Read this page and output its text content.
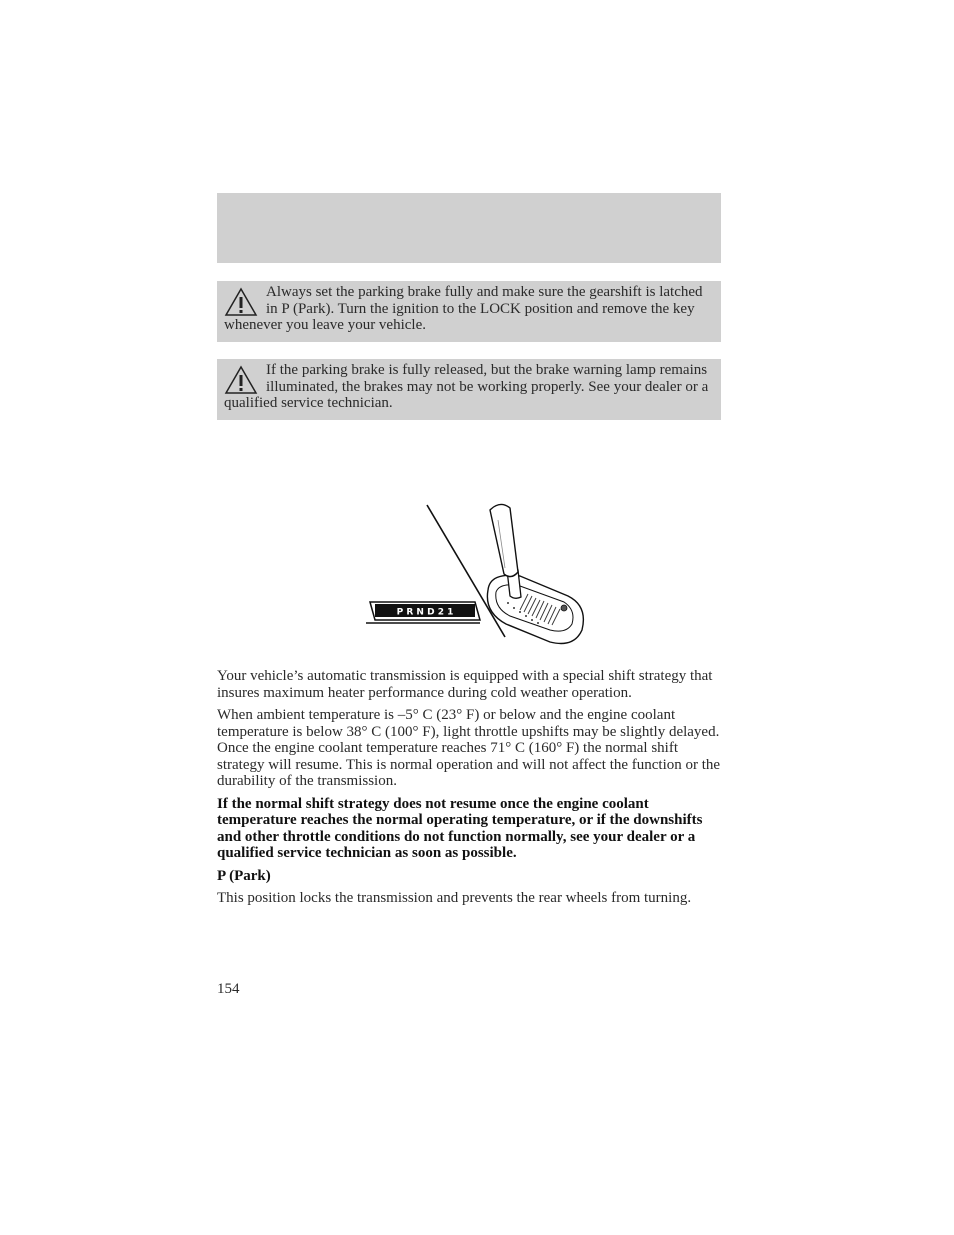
Always set the parking brake fully and make sure the gearshift is latched in P (Park). Turn the ignition to the LOCK position and remove the key whenever you leave your vehicle.
If the parking brake is fully released, but the brake warning lamp remains illuminated, the brakes may not be working properly. See your dealer or a qualified service technician.
P R N D 2 1

Your vehicle’s automatic transmission is equipped with a special shift strategy that insures maximum heater performance during cold weather operation.

When ambient temperature is –5° C (23° F) or below and the engine coolant temperature is below 38° C (100° F), light throttle upshifts may be slightly delayed. Once the engine coolant temperature reaches 71° C (160° F) the normal shift strategy will resume. This is normal operation and will not affect the function or the durability of the transmission.

If the normal shift strategy does not resume once the engine coolant temperature reaches the normal operating temperature, or if the downshifts and other throttle conditions do not function normally, see your dealer or a qualified service technician as soon as possible.

P (Park)

This position locks the transmission and prevents the rear wheels from turning.

154
